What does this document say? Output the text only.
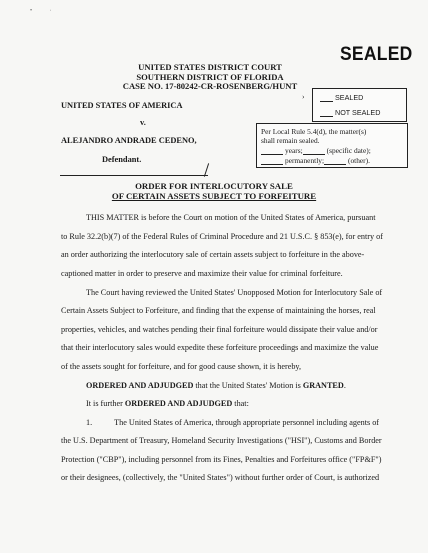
• ·
SEALED
UNITED STATES DISTRICT COURT
SOUTHERN DISTRICT OF FLORIDA
CASE NO. 17-80242-CR-ROSENBERG/HUNT
SEALED
NOT SEALED
›
UNITED STATES OF AMERICA
v.
ALEJANDRO ANDRADE CEDENO,
Defendant.
Per Local Rule 5.4(d), the matter(s)
shall remain sealed.
years;	(specific date);
permanently;	(other).
ORDER FOR INTERLOCUTORY SALE
OF CERTAIN ASSETS SUBJECT TO FORFEITURE
THIS MATTER is before the Court on motion of the United States of America, pursuant
to Rule 32.2(b)(7) of the Federal Rules of Criminal Procedure and 21 U.S.C. § 853(e), for entry of
an order authorizing the interlocutory sale of certain assets subject to forfeiture in the above-
captioned matter in order to preserve and maximize their value for criminal forfeiture.
The Court having reviewed the United States' Unopposed Motion for Interlocutory Sale of
Certain Assets Subject to Forfeiture, and finding that the expense of maintaining the horses, real
properties, vehicles, and watches pending their final forfeiture would dissipate their value and/or
that their interlocutory sales would expedite these forfeiture proceedings and maximize the value
of the assets sought for forfeiture, and for good cause shown, it is hereby,
ORDERED AND ADJUDGED that the United States' Motion is GRANTED.
It is further ORDERED AND ADJUDGED that:
1.	The United States of America, through appropriate personnel including agents of
the U.S. Department of Treasury, Homeland Security Investigations ("HSI"), Customs and Border
Protection ("CBP"), including personnel from its Fines, Penalties and Forfeitures office ("FP&F")
or their designees, (collectively, the "United States") without further order of Court, is authorized
